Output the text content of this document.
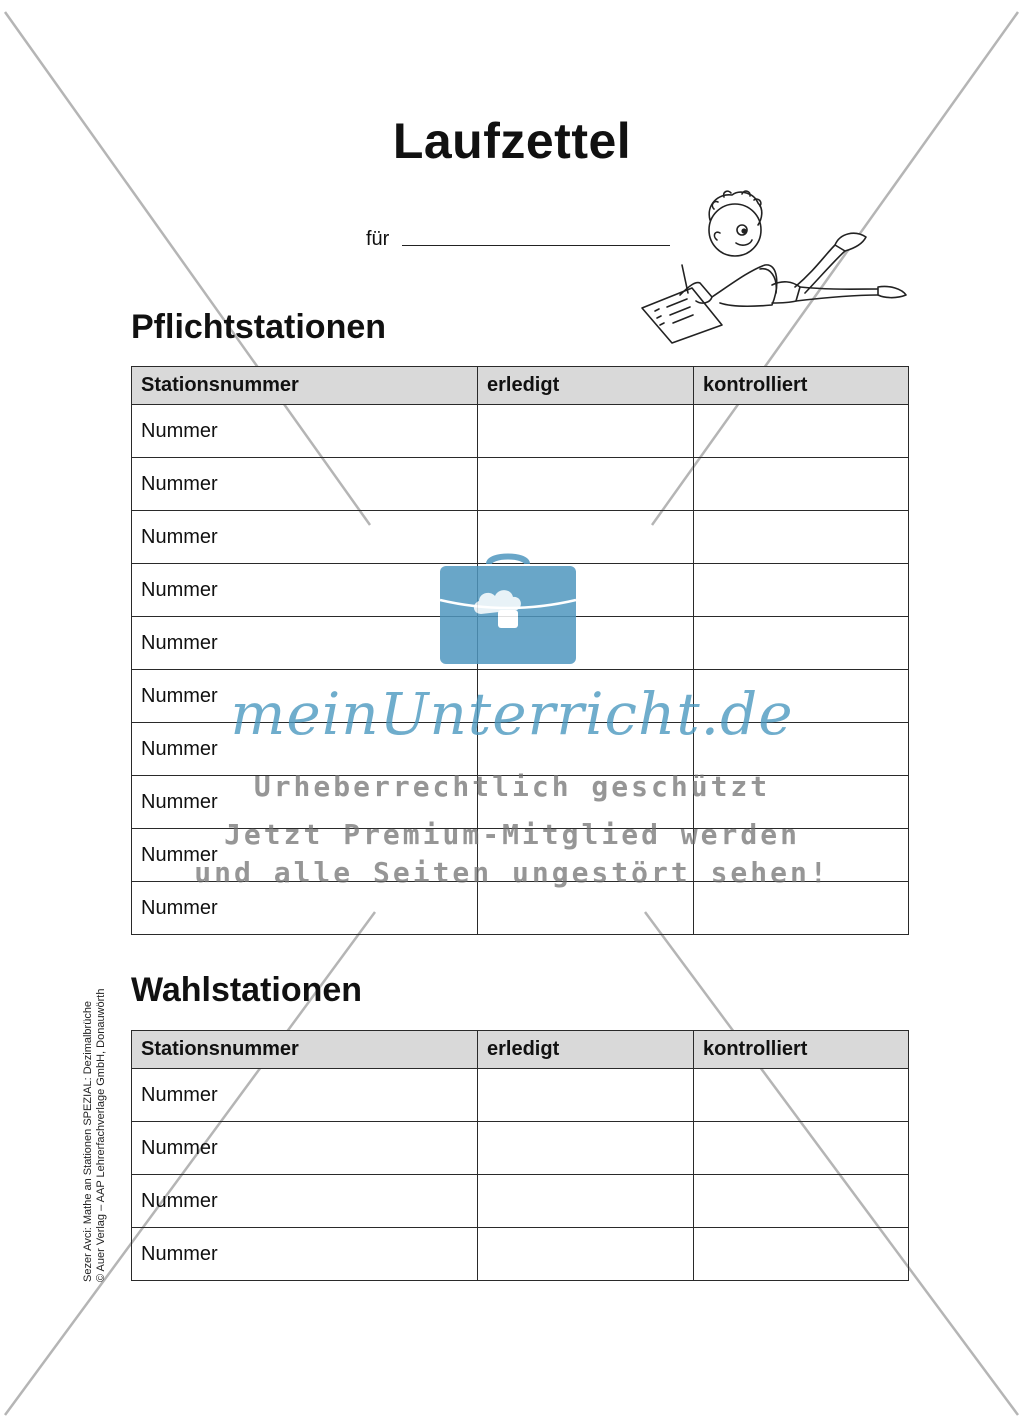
Laufzettel
für
Pflichtstationen
Stationsnummer	erledigt	kontrolliert
Nummer		
Nummer		
Nummer		
Nummer		
Nummer		
Nummer		
Nummer		
Nummer		
Nummer		
Nummer		
Wahlstationen
Stationsnummer	erledigt	kontrolliert
Nummer		
Nummer		
Nummer		
Nummer		
Sezer Avci: Mathe an Stationen SPEZIAL: Dezimalbrüche © Auer Verlag – AAP Lehrerfachverlage GmbH, Donauwörth
meinUnterricht.de
Urheberrechtlich geschützt
Jetzt Premium-Mitglied werden
und alle Seiten ungestört sehen!
